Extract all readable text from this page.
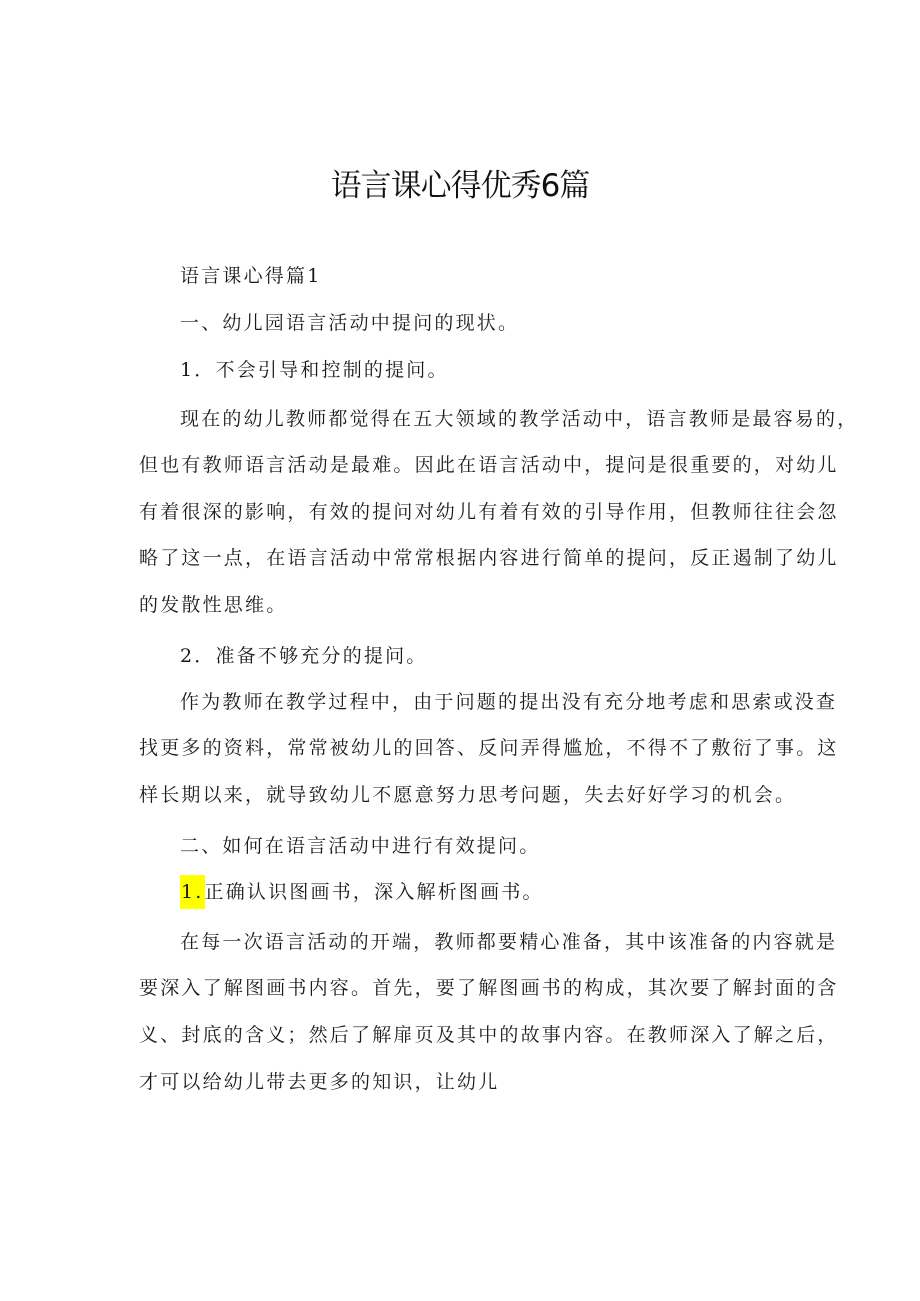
语言课心得优秀6篇
语言课心得篇1
一、幼儿园语言活动中提问的现状。
1．不会引导和控制的提问。
现在的幼儿教师都觉得在五大领域的教学活动中，语言教师是最容易的，
但也有教师语言活动是最难。因此在语言活动中，提问是很重要的，对幼儿
有着很深的影响，有效的提问对幼儿有着有效的引导作用，但教师往往会忽
略了这一点，在语言活动中常常根据内容进行简单的提问，反正遏制了幼儿
的发散性思维。
2．准备不够充分的提问。
作为教师在教学过程中，由于问题的提出没有充分地考虑和思索或没查
找更多的资料，常常被幼儿的回答、反问弄得尴尬，不得不了敷衍了事。这
样长期以来，就导致幼儿不愿意努力思考问题，失去好好学习的机会。
二、如何在语言活动中进行有效提问。
1.正确认识图画书，深入解析图画书。
在每一次语言活动的开端，教师都要精心准备，其中该准备的内容就是
要深入了解图画书内容。首先，要了解图画书的构成，其次要了解封面的含
义、封底的含义；然后了解扉页及其中的故事内容。在教师深入了解之后，
才可以给幼儿带去更多的知识，让幼儿
